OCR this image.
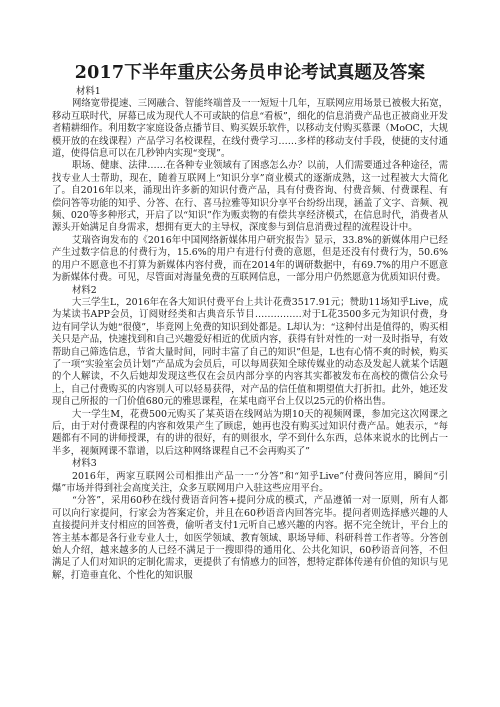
2017下半年重庆公务员申论考试真题及答案

材料1

网络宽带提速、三网融合、智能终端普及一一短短十几年，互联网应用场景已被极大拓宽，移动互联时代，屏幕已成为现代人不可或缺的信息“看板”，细化的信息消费产品也正被商业开发者精耕细作。利用数字家庭设备点播节目、购买娱乐软件，以移动支付购买慕课（MoOC，大规模开放的在线课程）产品学习名校课程，在线付费学习……多样的移动支付手段，使捷的支付通道，使得信息可以在几秒钟内实现“变现”。

职场、健康、法律……在各种专业领域有了困惑怎么办？以前，人们需要通过各种途径，需找专业人士帮助，现在，随着互联网上“知识分享”商业模式的逐渐成熟，这一过程被大大简化了。自2016年以来，涌现出许多新的知识付费产品，具有付费咨询、付费音频、付费课程、有偿问答等功能的知乎、分答、在行、喜马拉雅等知识分享平台纷纷出现，涵盖了文字、音频、视频、020等多种形式，开启了以“知识”作为贩卖物的有偿共享经济模式，在信息时代，消费者从源头开始满足自身需求，想拥有更大的主导权，深度参与到信息消费过程的流程设计中。

艾瑞咨询发布的《2016年中国网络新媒体用户研究报告》显示，33.8%的新媒体用户已经产生过数字信息的付费行为，15.6%的用户有进行付费的意愿，但是还没有付费行为，50.6%的用户不愿意也不打算为新媒体内容付费，而在2014年的调研数据中，有69.7%的用户不愿意为新媒体付费。可见，尽管面对海量免费的互联网信息，一部分用户仍然愿意为优质知识付费。

材料2

大三学生L，2016年在各大知识付费平台上共计花费3517.91元；赞助11场知乎Live，成为某读书APP会员，订阅财经类和古典音乐节目……………对于L花3500多元为知识付费，身边有同学认为她“很傻”，毕竟网上免费的知识到处都是。L却认为：“这种付出是值得的，购买相关只是产品，快速找到和自己兴趣爱好相近的优质内容，获得有针对性的一对一及时指导，有效帮助自己筛选信息，节省大量时间，同时丰富了自己的知识”但是，L也有心情不爽的时候，购买了一项“实验室会员计划”产品成为会员后，可以每周获知全球传媒业的动态及发起人就某个话题的个人解读，不久后她却发现这些仅在会员内部分享的内容其实都被发布在高校的微信公众号上，自己付费购买的内容别人可以轻易获得，对产品的信任值和期望值大打折扣。此外，她还发现自己所报的一门价值680元的雅思课程，在某电商平台上仅以25元的价格出售。

大一学生M，花费500元购买了某英语在线网站为期10天的视频网课，参加完这次网课之后，由于对付费课程的内容和效果产生了顾虑，她再也没有购买过知识付费产品。她表示，“每题都有不同的讲师授课，有的讲的很好，有的则很水，学不到什么东西，总体来说水的比例占一半多，视频网课不靠谱，以后这种网络课程自己不会再购买了”

材料3

2016年，两家互联网公司相推出产品一一“分答”和“知乎Live”付费问答应用，瞬间“引爆”市场并得到社会高度关注，众多互联网用户入驻这些应用平台。

“分答”，采用60秒在线付费语音问答+提问分成的模式，产品遵循一对一原则，所有人都可以向行家提问，行家会为答案定价，并且在60秒语音内回答完毕。提问者则选择感兴趣的人直接提问并支付相应的回答费，偷听者支付1元听自己感兴趣的内容。据不完全统计，平台上的答主基本都是各行业专业人士，如医学领域、教育领域、职场导师、科研科普工作者等。分答创始人介绍，越来越多的人已经不满足于一搜即得的通用化、公共化知识，60秒语音问答，不但满足了人们对知识的定制化需求，更提供了有情感力的回答，想特定群体传递有价值的知识与见解，打造垂直化、个性化的知识服
